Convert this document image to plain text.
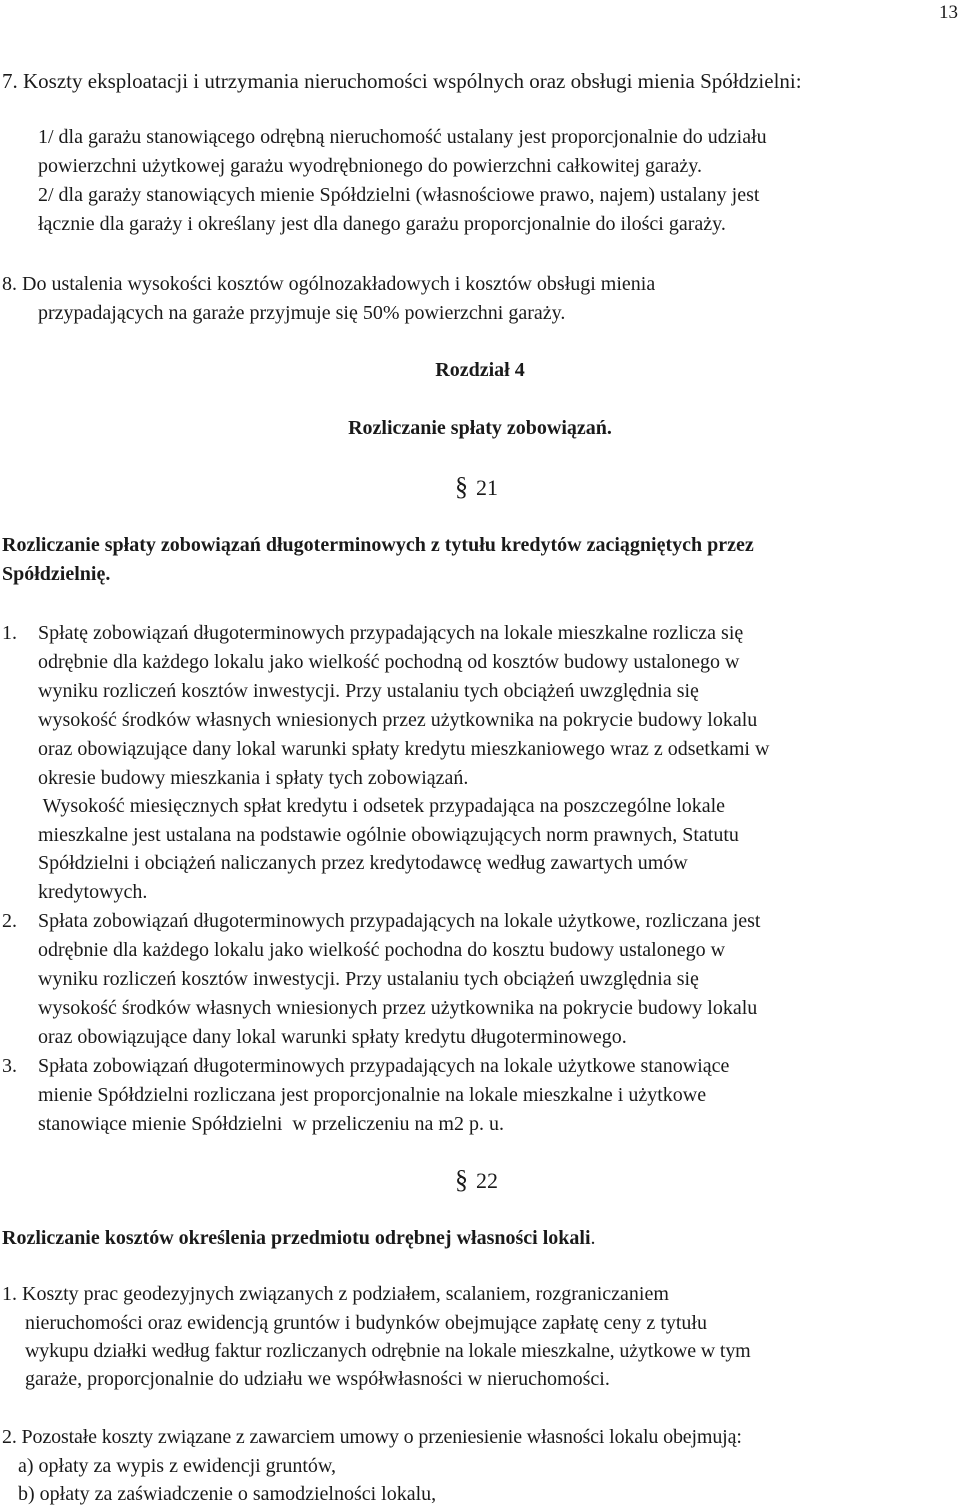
13
7. Koszty eksploatacji i utrzymania nieruchomości wspólnych oraz obsługi mienia Spółdzielni:
1/ dla garażu stanowiącego odrębną nieruchomość ustalany jest proporcjonalnie do udziału
powierzchni użytkowej garażu wyodrębnionego do powierzchni całkowitej garaży.
2/ dla garaży stanowiących mienie Spółdzielni (własnościowe prawo, najem) ustalany jest
łącznie dla garaży i określany jest dla danego garażu proporcjonalnie do ilości garaży.
8. Do ustalenia wysokości kosztów ogólnozakładowych i kosztów obsługi mienia
przypadających na garaże przyjmuje się 50% powierzchni garaży.
Rozdział 4
Rozliczanie spłaty zobowiązań.
§ 21
Rozliczanie spłaty zobowiązań długoterminowych z tytułu kredytów zaciągniętych przez
Spółdzielnię.
1. Spłatę zobowiązań długoterminowych przypadających na lokale mieszkalne rozlicza się
odrębnie dla każdego lokalu jako wielkość pochodną od kosztów budowy ustalonego w
wyniku rozliczeń kosztów inwestycji. Przy ustalaniu tych obciążeń uwzględnia się
wysokość środków własnych wniesionych przez użytkownika na pokrycie budowy lokalu
oraz obowiązujące dany lokal warunki spłaty kredytu mieszkaniowego wraz z odsetkami w
okresie budowy mieszkania i spłaty tych zobowiązań.
Wysokość miesięcznych spłat kredytu i odsetek przypadająca na poszczególne lokale
mieszkalne jest ustalana na podstawie ogólnie obowiązujących norm prawnych, Statutu
Spółdzielni i obciążeń naliczanych przez kredytodawcę według zawartych umów
kredytowych.
2. Spłata zobowiązań długoterminowych przypadających na lokale użytkowe, rozliczana jest
odrębnie dla każdego lokalu jako wielkość pochodna do kosztu budowy ustalonego w
wyniku rozliczeń kosztów inwestycji. Przy ustalaniu tych obciążeń uwzględnia się
wysokość środków własnych wniesionych przez użytkownika na pokrycie budowy lokalu
oraz obowiązujące dany lokal warunki spłaty kredytu długoterminowego.
3. Spłata zobowiązań długoterminowych przypadających na lokale użytkowe stanowiące
mienie Spółdzielni rozliczana jest proporcjonalnie na lokale mieszkalne i użytkowe
stanowiące mienie Spółdzielni  w przeliczeniu na m2 p. u.
§ 22
Rozliczanie kosztów określenia przedmiotu odrębnej własności lokali.
1. Koszty prac geodezyjnych związanych z podziałem, scalaniem, rozgraniczaniem
nieruchomości oraz ewidencją gruntów i budynków obejmujące zapłatę ceny z tytułu
wykupu działki według faktur rozliczanych odrębnie na lokale mieszkalne, użytkowe w tym
garaże, proporcjonalnie do udziału we współwłasności w nieruchomości.
2. Pozostałe koszty związane z zawarciem umowy o przeniesienie własności lokalu obejmują:
a) opłaty za wypis z ewidencji gruntów,
b) opłaty za zaświadczenie o samodzielności lokalu,
